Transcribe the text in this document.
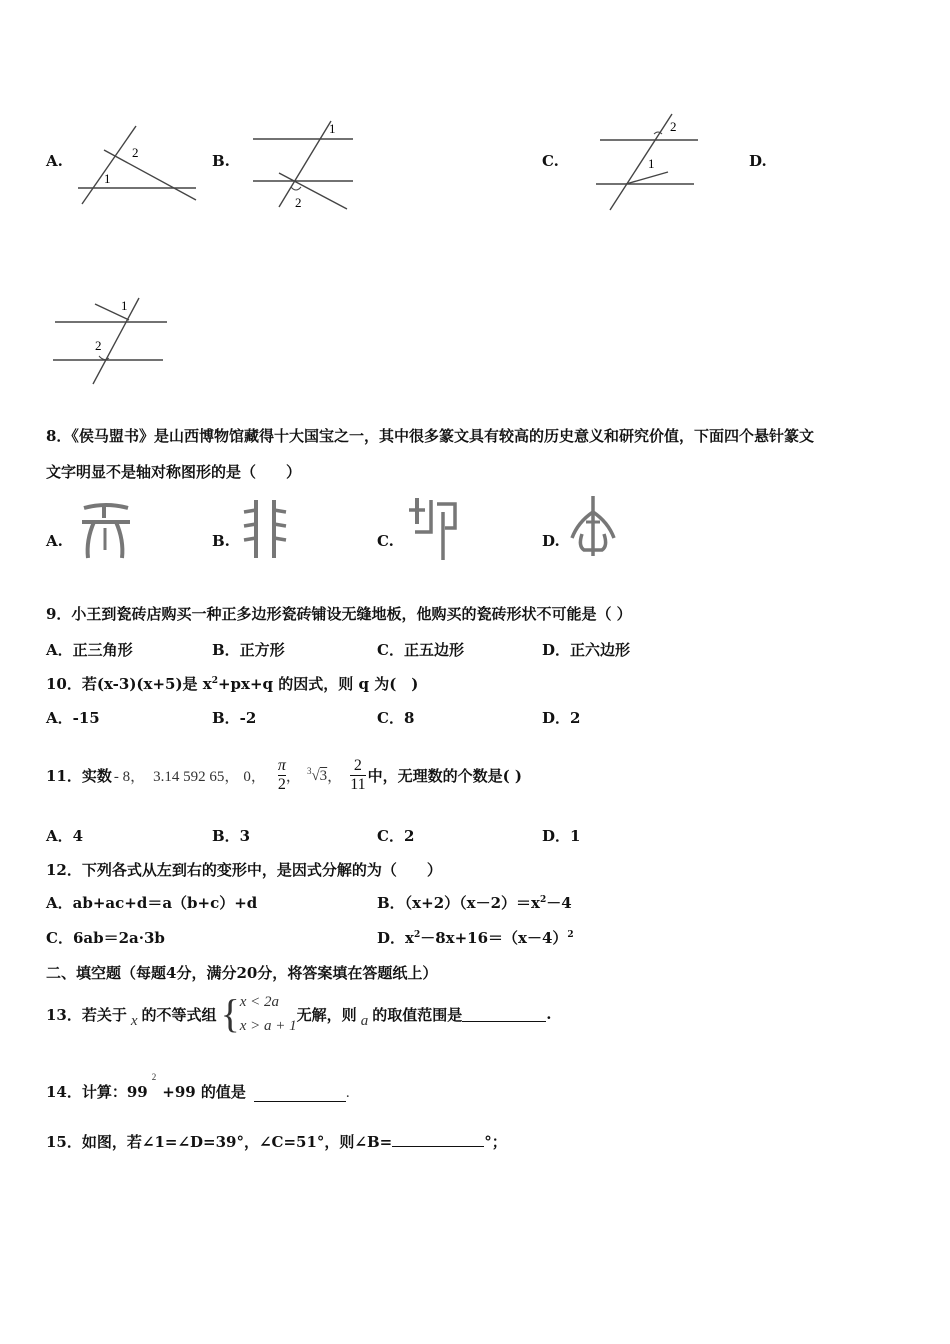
A.
1
2	B.
1
2
C.
2
1	D.
1
2
8．《侯马盟书》是山西博物馆藏得十大国宝之一，其中很多篆文具有较高的历史意义和研究价值，下面四个悬针篆文
文字明显不是轴对称图形的是（　　）
A.	B.	C.	D.
9．小王到瓷砖店购买一种正多边形瓷砖铺设无缝地板，他购买的瓷砖形状不可能是（ ）
A．正三角形	B．正方形	C．正五边形	D．正六边形
10．若(x-3)(x+5)是 $x^2+px+q$ 的因式，则 q 为(　)
A．-15	B．-2	C．8	D．2
11．实数 - 8， 3.14 592 65， 0， $\frac{\pi}{2}$ ， $^3$√3 ， $\frac{2}{11}$ 中，无理数的个数是( )
A．4	B．3	C．2	D．1
12．下列各式从左到右的变形中，是因式分解的为（　　）
A．ab+ac+d＝a（b+c）+d	B．$(x+2)(x-2)=x^2-4$
C．6ab＝2a·3b	D．$x^2-8x+16=(x-4)^2$
二、填空题（每题4分，满分20分，将答案填在答题纸上）
13．若关于 x 的不等式组 { x < 2a
x > a + 1
无解，则 a 的取值范围是	.
14．计算：99
2
+99 的值是	.
15．如图，若∠1=∠D=39°，∠C=51°，则∠B=	°；
